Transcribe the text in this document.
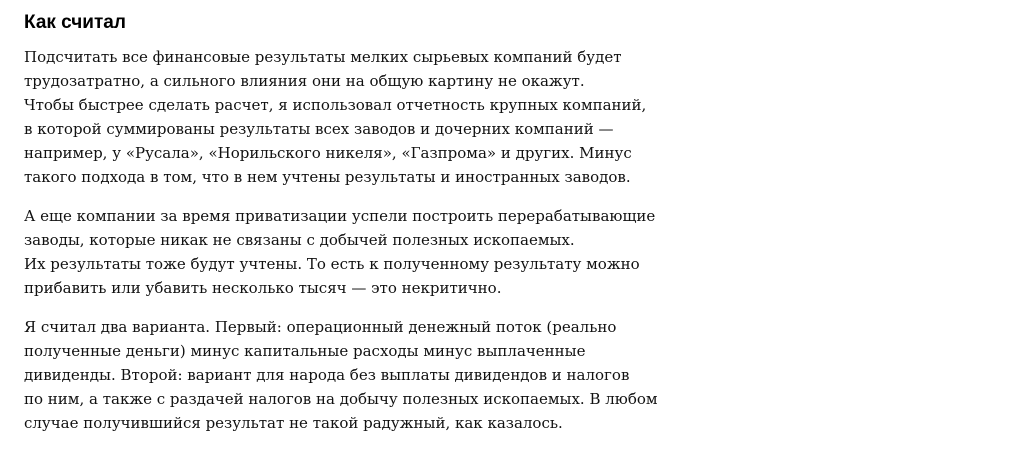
Как считал

Подсчитать все финансовые результаты мелких сырьевых компаний будет
трудозатратно, а сильного влияния они на общую картину не окажут.
Чтобы быстрее сделать расчет, я использовал отчетность крупных компаний,
в которой суммированы результаты всех заводов и дочерних компаний —
например, у «Русала», «Норильского никеля», «Газпрома» и других. Минус
такого подхода в том, что в нем учтены результаты и иностранных заводов.

А еще компании за время приватизации успели построить перерабатывающие
заводы, которые никак не связаны с добычей полезных ископаемых.
Их результаты тоже будут учтены. То есть к полученному результату можно
прибавить или убавить несколько тысяч — это некритично.

Я считал два варианта. Первый: операционный денежный поток (реально
полученные деньги) минус капитальные расходы минус выплаченные
дивиденды. Второй: вариант для народа без выплаты дивидендов и налогов
по ним, а также с раздачей налогов на добычу полезных ископаемых. В любом
случае получившийся результат не такой радужный, как казалось.
